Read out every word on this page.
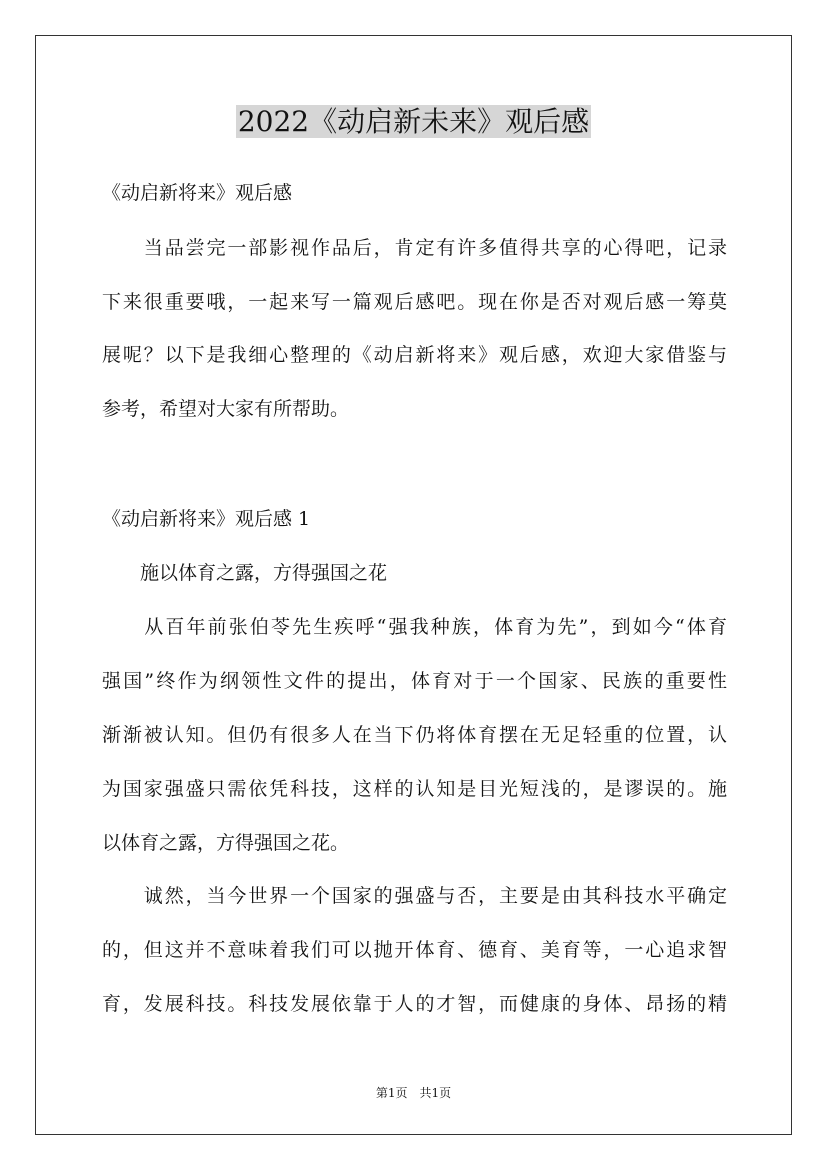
2022《动启新未来》观后感
《动启新将来》观后感
　　当品尝完一部影视作品后，肯定有许多值得共享的心得吧，记录
下来很重要哦，一起来写一篇观后感吧。现在你是否对观后感一筹莫
展呢？以下是我细心整理的《动启新将来》观后感，欢迎大家借鉴与
参考，希望对大家有所帮助。
《动启新将来》观后感 1
　　施以体育之露，方得强国之花
　　从百年前张伯苓先生疾呼“强我种族，体育为先”，到如今“体育
强国”终作为纲领性文件的提出，体育对于一个国家、民族的重要性
渐渐被认知。但仍有很多人在当下仍将体育摆在无足轻重的位置，认
为国家强盛只需依凭科技，这样的认知是目光短浅的，是谬误的。施
以体育之露，方得强国之花。
　　诚然，当今世界一个国家的强盛与否，主要是由其科技水平确定
的，但这并不意味着我们可以抛开体育、德育、美育等，一心追求智
育，发展科技。科技发展依靠于人的才智，而健康的身体、昂扬的精
第1页　共1页
